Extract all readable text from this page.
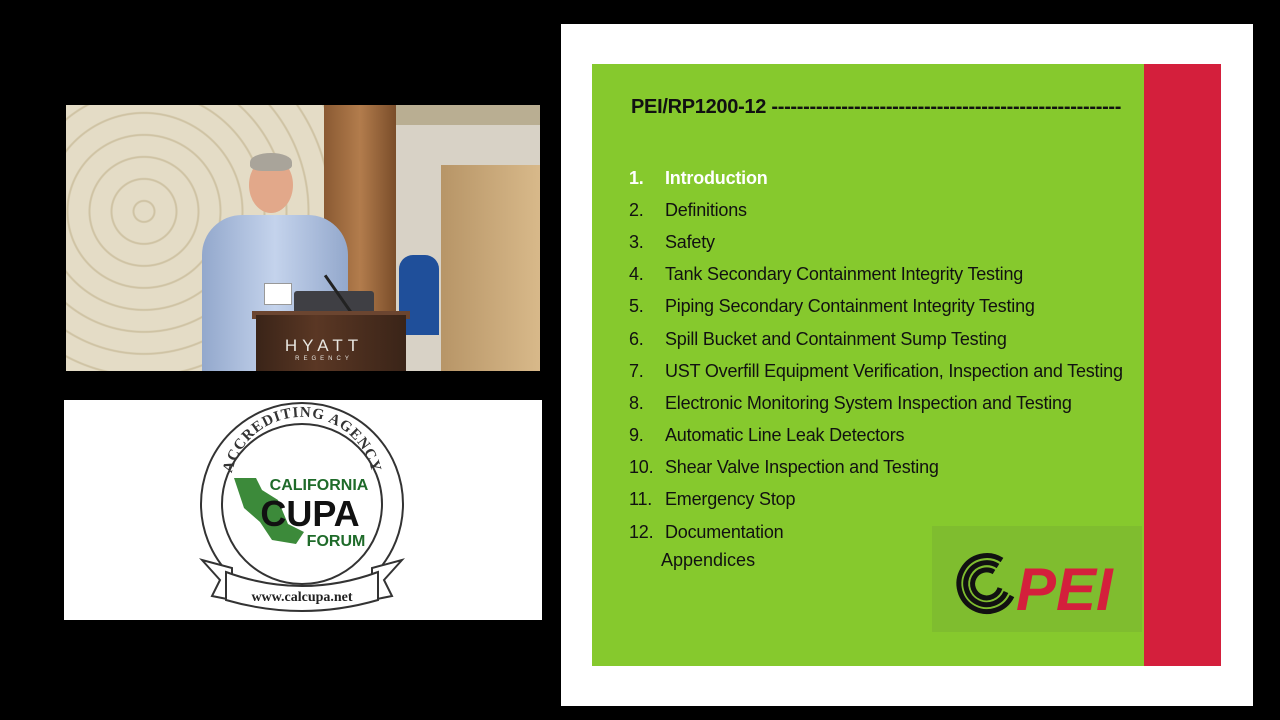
HYATT
REGENCY
ACCREDITING AGENCY
CALIFORNIA
CUPA
FORUM
www.calcupa.net
PEI/RP1200-12 -------------------------------------------------------
1.	Introduction
2.	Definitions
3.	Safety
4.	Tank Secondary Containment Integrity Testing
5.	Piping Secondary Containment Integrity Testing
6.	Spill Bucket and Containment Sump Testing
7.	UST Overfill Equipment Verification, Inspection and Testing
8.	Electronic Monitoring System Inspection and Testing
9.	Automatic Line Leak Detectors
10. Shear Valve Inspection and Testing
11. Emergency Stop
12. Documentation
Appendices	PEI
